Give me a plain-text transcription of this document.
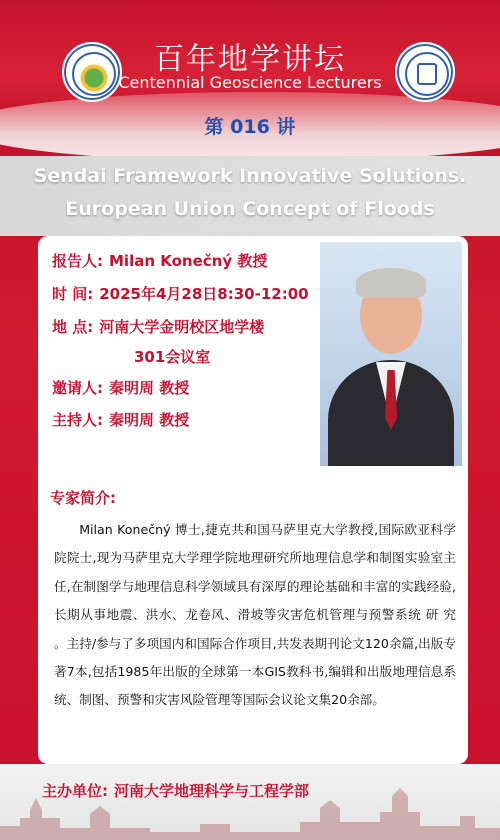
百年地学讲坛
Centennial Geoscience Lecturers
第 016 讲
Sendai Framework Innovative Solutions.
European Union Concept of Floods
报告人: Milan Konečný 教授
时 间: 2025年4月28日8:30-12:00
地 点: 河南大学金明校区地学楼
301会议室
邀请人: 秦明周 教授
主持人: 秦明周 教授
专家简介:
Milan Konečný 博士,捷克共和国马萨里克大学教授,国际欧亚科学院院士,现为马萨里克大学理学院地理研究所地理信息学和制图实验室主任,在制图学与地理信息科学领域具有深厚的理论基础和丰富的实践经验,长期从事地震、洪水、龙卷风、滑坡等灾害危机管理与预警系统 研 究 。主持/参与了多项国内和国际合作项目,共发表期刊论文120余篇,出版专著7本,包括1985年出版的全球第一本GIS教科书,编辑和出版地理信息系统、制图、预警和灾害风险管理等国际会议论文集20余部。
主办单位: 河南大学地理科学与工程学部
